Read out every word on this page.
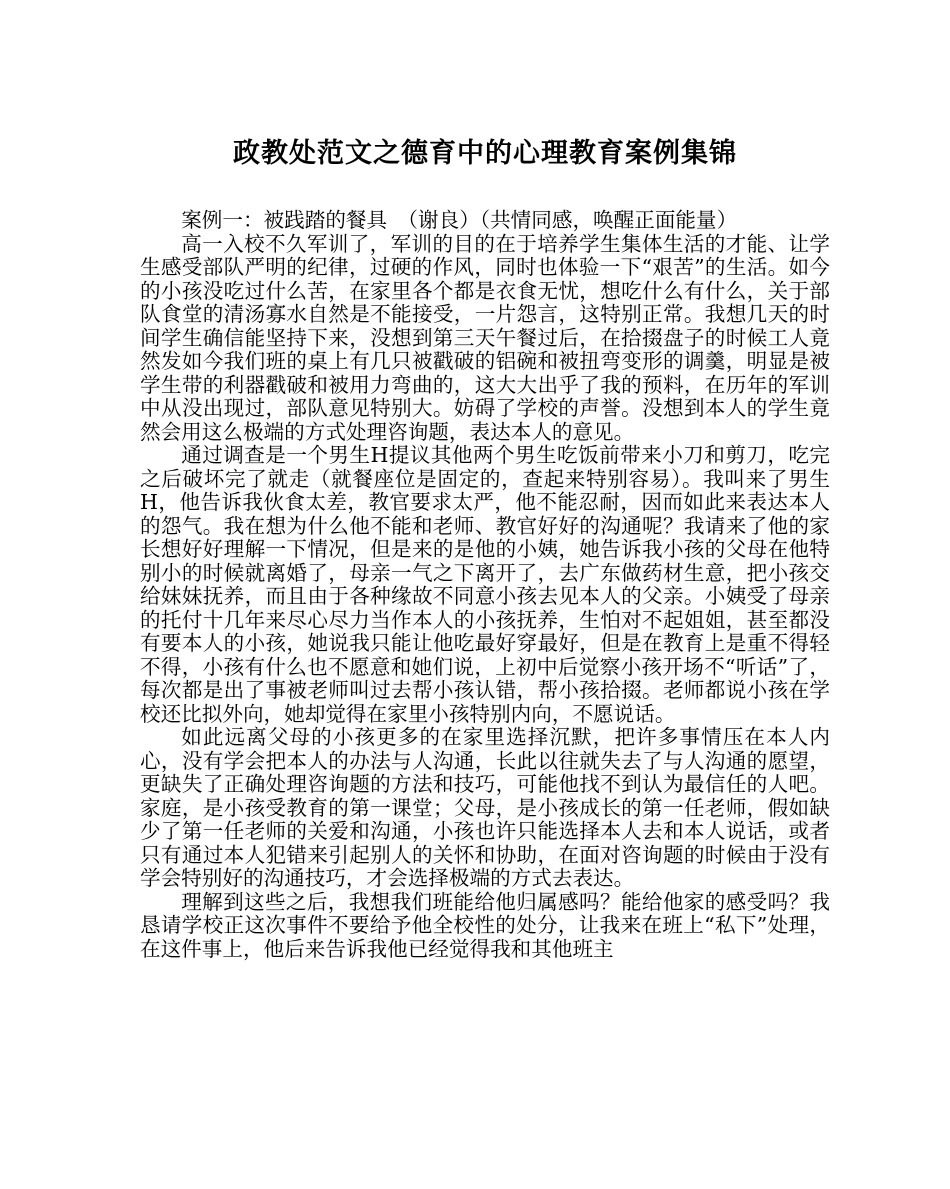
政教处范文之德育中的心理教育案例集锦

案例一：被践踏的餐具　（谢良）（共情同感，唤醒正面能量）

高一入校不久军训了，军训的目的在于培养学生集体生活的才能、让学生感受部队严明的纪律，过硬的作风，同时也体验一下“艰苦”的生活。如今的小孩没吃过什么苦，在家里各个都是衣食无忧，想吃什么有什么，关于部队食堂的清汤寡水自然是不能接受，一片怨言，这特别正常。我想几天的时间学生确信能坚持下来，没想到第三天午餐过后，在拾掇盘子的时候工人竟然发如今我们班的桌上有几只被戳破的铝碗和被扭弯变形的调羹，明显是被学生带的利器戳破和被用力弯曲的，这大大出乎了我的预料，在历年的军训中从没出现过，部队意见特别大。妨碍了学校的声誉。没想到本人的学生竟然会用这么极端的方式处理咨询题，表达本人的意见。

通过调查是一个男生H提议其他两个男生吃饭前带来小刀和剪刀，吃完之后破坏完了就走（就餐座位是固定的，查起来特别容易）。我叫来了男生H，他告诉我伙食太差，教官要求太严，他不能忍耐，因而如此来表达本人的怨气。我在想为什么他不能和老师、教官好好的沟通呢？我请来了他的家长想好好理解一下情况，但是来的是他的小姨，她告诉我小孩的父母在他特别小的时候就离婚了，母亲一气之下离开了，去广东做药材生意，把小孩交给妹妹抚养，而且由于各种缘故不同意小孩去见本人的父亲。小姨受了母亲的托付十几年来尽心尽力当作本人的小孩抚养，生怕对不起姐姐，甚至都没有要本人的小孩，她说我只能让他吃最好穿最好，但是在教育上是重不得轻不得，小孩有什么也不愿意和她们说，上初中后觉察小孩开场不“听话”了，每次都是出了事被老师叫过去帮小孩认错，帮小孩拾掇。老师都说小孩在学校还比拟外向，她却觉得在家里小孩特别内向，不愿说话。

如此远离父母的小孩更多的在家里选择沉默，把许多事情压在本人内心，没有学会把本人的办法与人沟通，长此以往就失去了与人沟通的愿望，更缺失了正确处理咨询题的方法和技巧，可能他找不到认为最信任的人吧。家庭，是小孩受教育的第一课堂；父母，是小孩成长的第一任老师，假如缺少了第一任老师的关爱和沟通，小孩也许只能选择本人去和本人说话，或者只有通过本人犯错来引起别人的关怀和协助，在面对咨询题的时候由于没有学会特别好的沟通技巧，才会选择极端的方式去表达。

理解到这些之后，我想我们班能给他归属感吗？能给他家的感受吗？我恳请学校正这次事件不要给予他全校性的处分，让我来在班上“私下”处理，在这件事上，他后来告诉我他已经觉得我和其他班主
